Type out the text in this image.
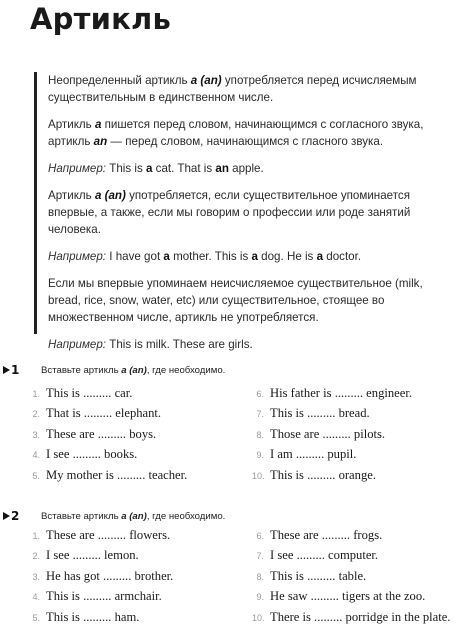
Артикль

Неопределенный артикль a (an) употребляется перед исчисляемым существительным в единственном числе.

Артикль a пишется перед словом, начинающимся с согласного звука, артикль an — перед словом, начинающимся с гласного звука.

Например: This is a cat. That is an apple.

Артикль a (an) употребляется, если существительное упоминается впервые, а также, если мы говорим о профессии или роде занятий человека.

Например: I have got a mother. This is a dog. He is a doctor.

Если мы впервые упоминаем неисчисляемое существительное (milk, bread, rice, snow, water, etc) или существительное, стоящее во множественном числе, артикль не употребляется.

Например: This is milk. These are girls.

1	Вставьте артикль a (an), где необходимо.
1. This is ......... car.
2. That is ......... elephant.
3. These are ......... boys.
4. I see ......... books.
5. My mother is ......... teacher.
6. His father is ......... engineer.
7. This is ......... bread.
8. Those are ......... pilots.
9. I am ......... pupil.
10. This is ......... orange.
2	Вставьте артикль a (an), где необходимо.
1. These are ......... flowers.
2. I see ......... lemon.
3. He has got ......... brother.
4. This is ......... armchair.
5. This is ......... ham.
6. These are ......... frogs.
7. I see ......... computer.
8. This is ......... table.
9. He saw ......... tigers at the zoo.
10. There is ......... porridge in the plate.
